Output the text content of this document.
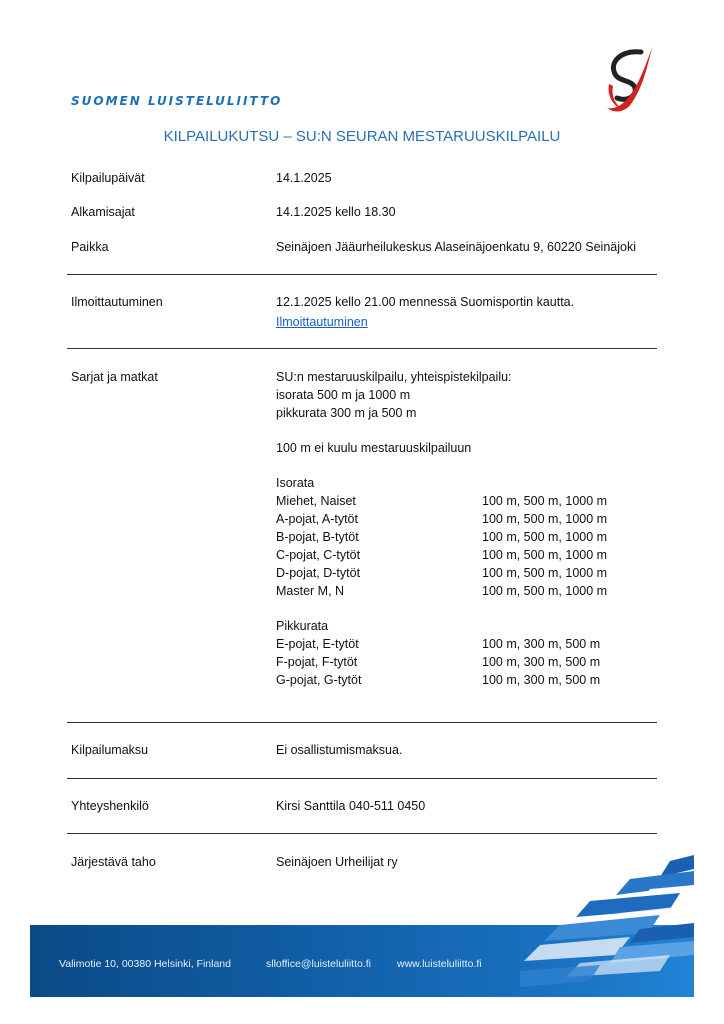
SUOMEN LUISTELULIITTO
KILPAILUKUTSU – SU:N SEURAN MESTARUUSKILPAILU
Kilpailupäivät	14.1.2025
Alkamisajat	14.1.2025 kello 18.30
Paikka	Seinäjoen Jääurheilukeskus Alaseinäjoenkatu 9, 60220 Seinäjoki
Ilmoittautuminen	12.1.2025 kello 21.00 mennessä Suomisportin kautta.
Ilmoittautuminen
Sarjat ja matkat	SU:n mestaruuskilpailu, yhteispistekilpailu:
isorata 500 m ja 1000 m
pikkurata 300 m ja 500 m
100 m ei kuulu mestaruuskilpailuun
Isorata
Miehet, Naiset	100 m, 500 m, 1000 m
A-pojat, A-tytöt	100 m, 500 m, 1000 m
B-pojat, B-tytöt	100 m, 500 m, 1000 m
C-pojat, C-tytöt	100 m, 500 m, 1000 m
D-pojat, D-tytöt	100 m, 500 m, 1000 m
Master M, N	100 m, 500 m, 1000 m
Pikkurata
E-pojat, E-tytöt	100 m, 300 m, 500 m
F-pojat, F-tytöt	100 m, 300 m, 500 m
G-pojat, G-tytöt	100 m, 300 m, 500 m
Kilpailumaksu	Ei osallistumismaksua.
Yhteyshenkilö	Kirsi Santtila 040-511 0450
Järjestävä taho	Seinäjoen Urheilijat ry
Valimotie 10, 00380 Helsinki, Finland	slloffice@luisteluliitto.fi www.luisteluliitto.fi
